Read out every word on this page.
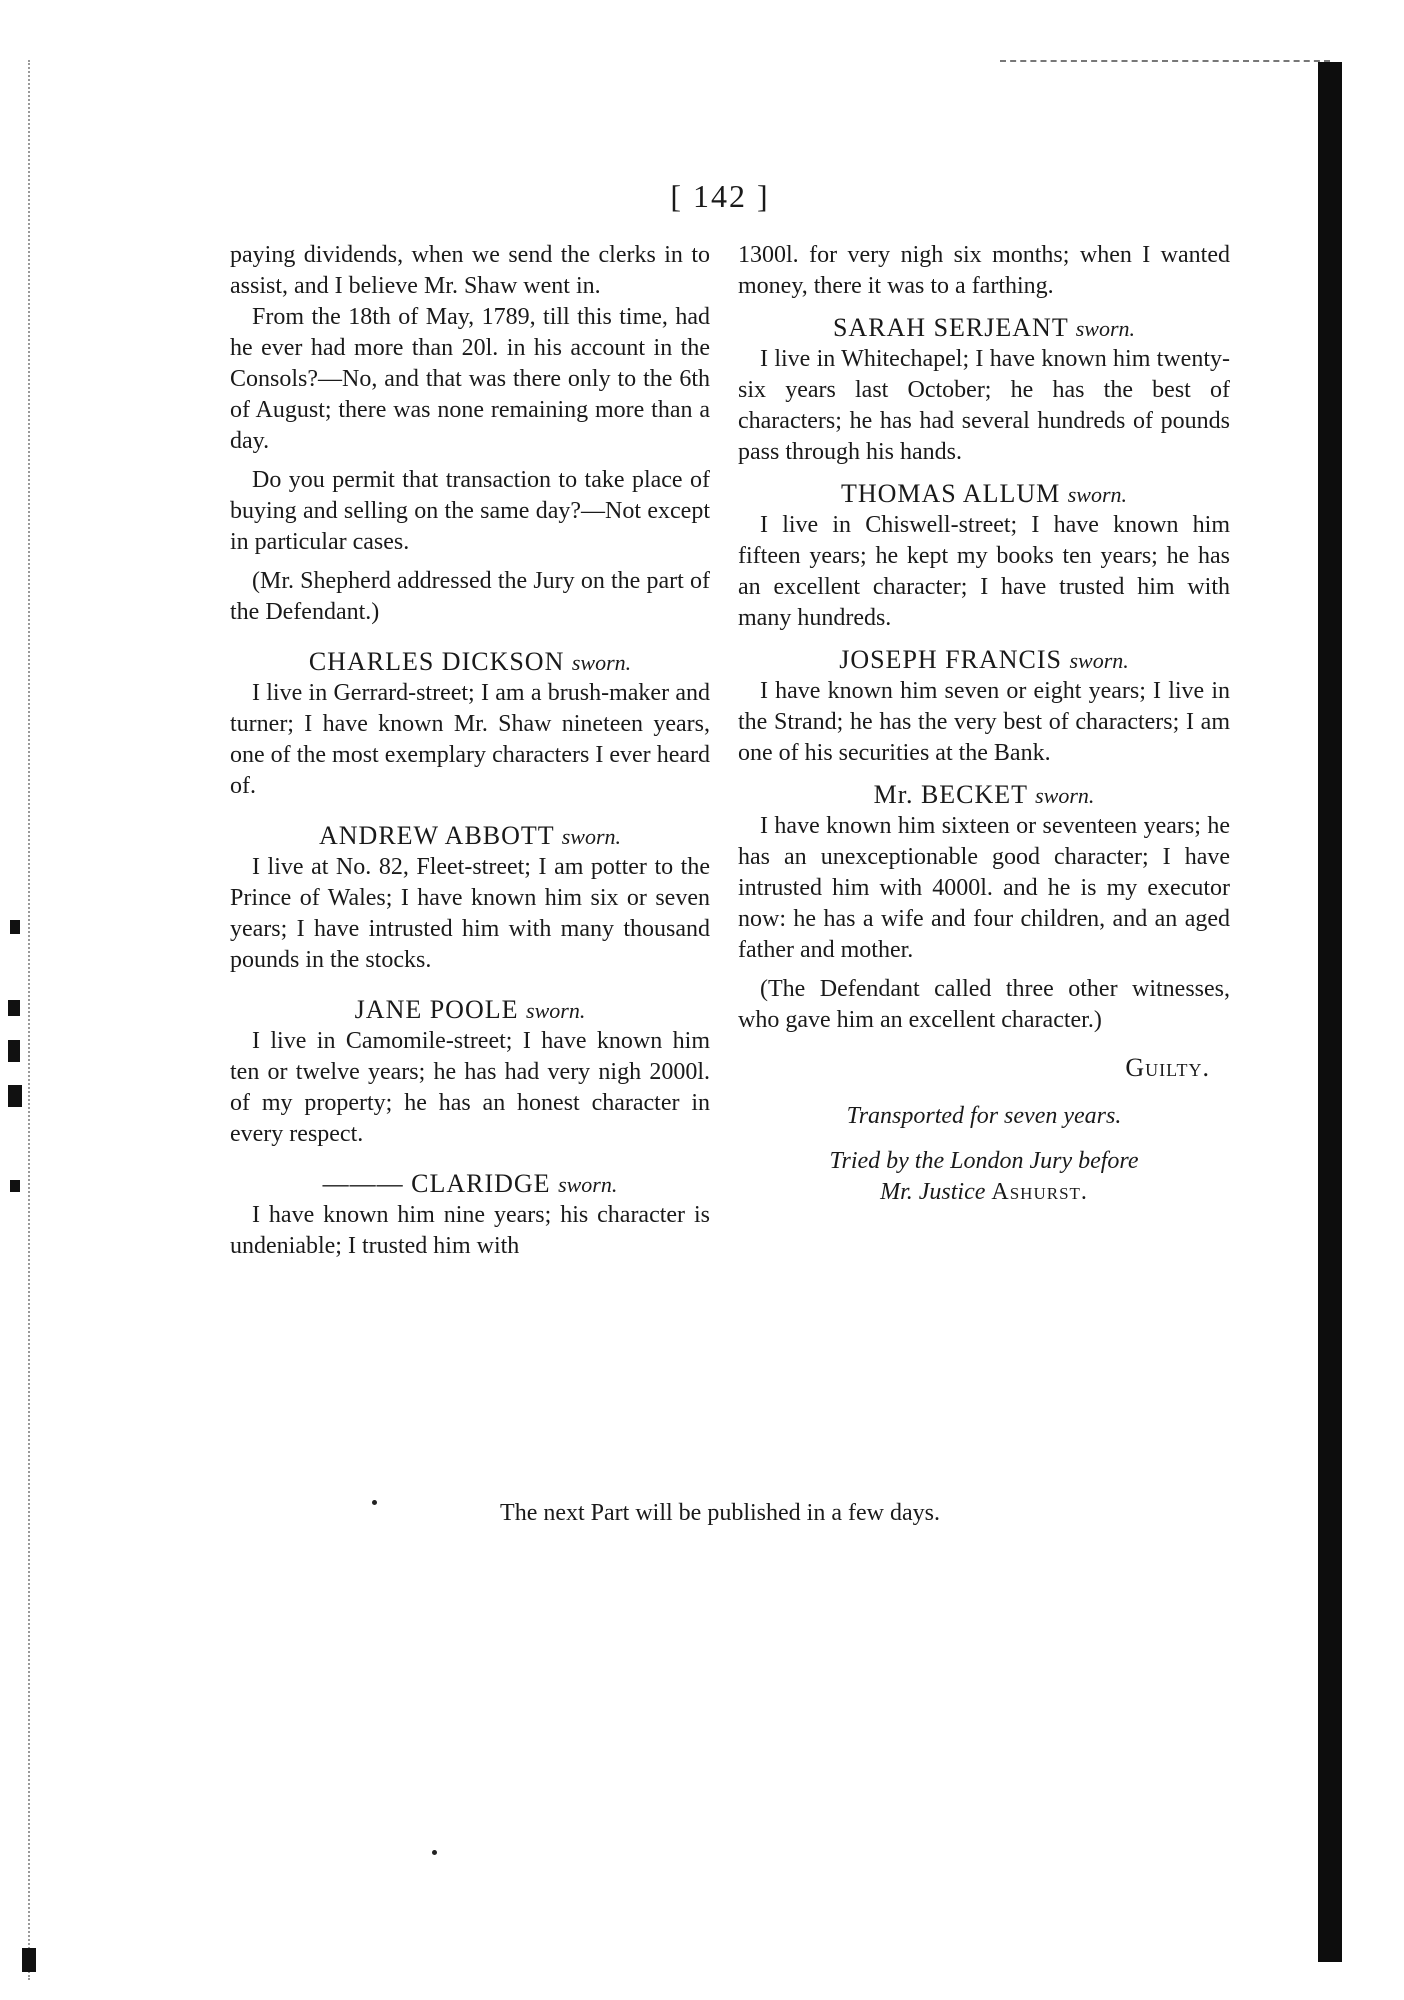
[ 142 ]

paying dividends, when we send the clerks in to assist, and I believe Mr. Shaw went in.

From the 18th of May, 1789, till this time, had he ever had more than 20l. in his account in the Consols?—No, and that was there only to the 6th of August; there was none remaining more than a day.

Do you permit that transaction to take place of buying and selling on the same day?—Not except in particular cases.

(Mr. Shepherd addressed the Jury on the part of the Defendant.)

CHARLES DICKSON sworn.

I live in Gerrard-street; I am a brush-maker and turner; I have known Mr. Shaw nineteen years, one of the most exemplary characters I ever heard of.

ANDREW ABBOTT sworn.

I live at No. 82, Fleet-street; I am potter to the Prince of Wales; I have known him six or seven years; I have intrusted him with many thousand pounds in the stocks.

JANE POOLE sworn.

I live in Camomile-street; I have known him ten or twelve years; he has had very nigh 2000l. of my property; he has an honest character in every respect.

——— CLARIDGE sworn.

I have known him nine years; his character is undeniable; I trusted him with

1300l. for very nigh six months; when I wanted money, there it was to a farthing.

SARAH SERJEANT sworn.

I live in Whitechapel; I have known him twenty-six years last October; he has the best of characters; he has had several hundreds of pounds pass through his hands.

THOMAS ALLUM sworn.

I live in Chiswell-street; I have known him fifteen years; he kept my books ten years; he has an excellent character; I have trusted him with many hundreds.

JOSEPH FRANCIS sworn.

I have known him seven or eight years; I live in the Strand; he has the very best of characters; I am one of his securities at the Bank.

Mr. BECKET sworn.

I have known him sixteen or seventeen years; he has an unexceptionable good character; I have intrusted him with 4000l. and he is my executor now: he has a wife and four children, and an aged father and mother.

(The Defendant called three other witnesses, who gave him an excellent character.)

Guilty.
Transported for seven years.
Tried by the London Jury before
Mr. Justice Ashurst.
The next Part will be published in a few days.
